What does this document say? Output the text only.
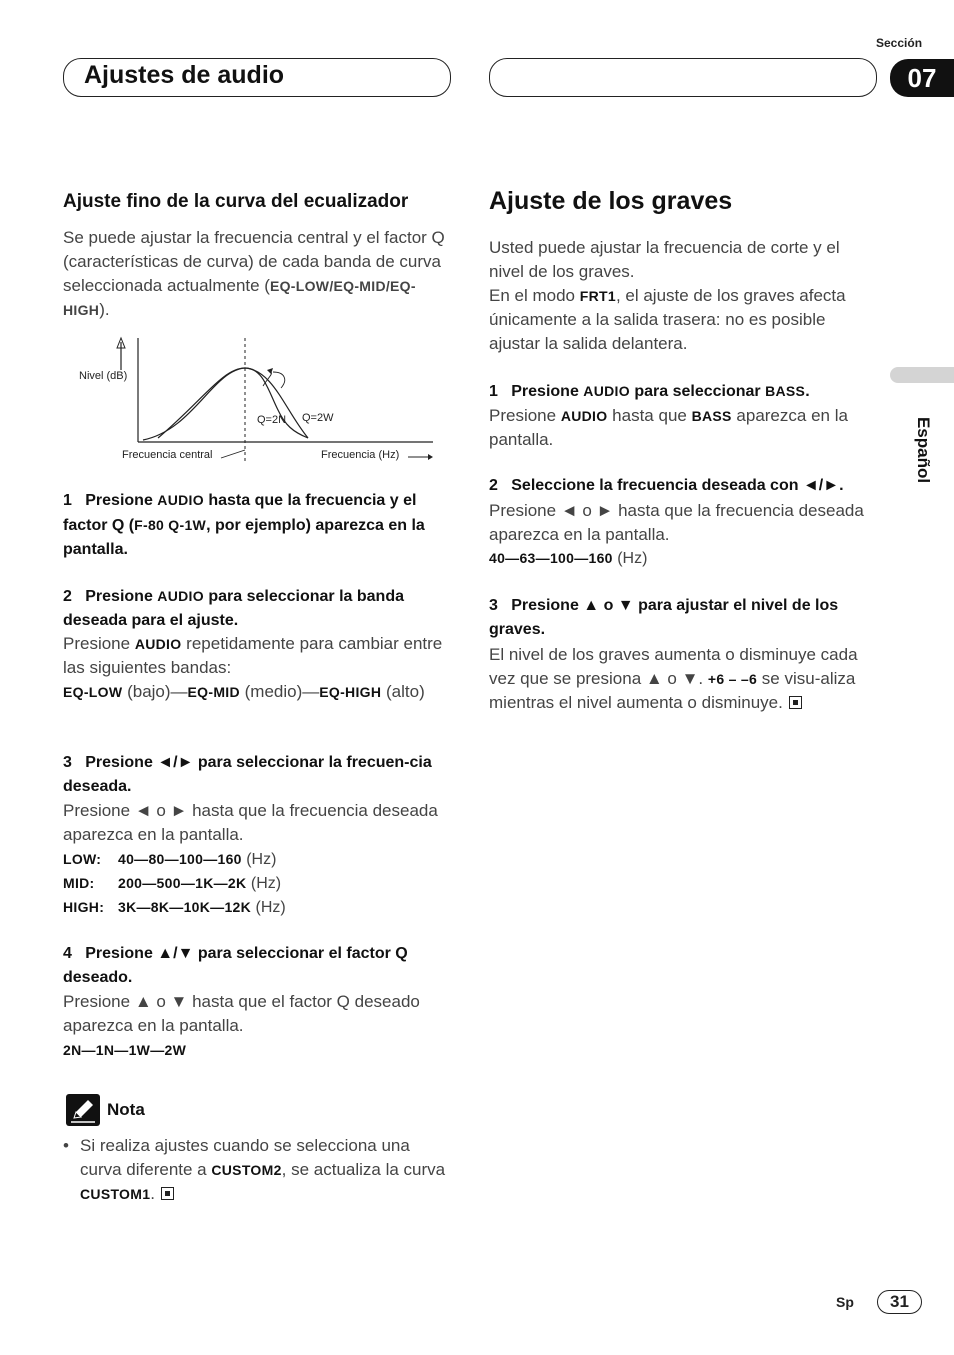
Sección
Ajustes de audio	07
Español
Ajuste fino de la curva del ecualizador
Se puede ajustar la frecuencia central y el factor Q (características de curva) de cada banda de curva seleccionada actualmente (EQ-LOW/EQ-MID/EQ-HIGH).
Nivel (dB)
Q=2N Q=2W
Frecuencia central	Frecuencia (Hz)
1 Presione AUDIO hasta que la frecuencia y el factor Q (F-80 Q-1W, por ejemplo) aparezca en la pantalla.
2 Presione AUDIO para seleccionar la banda deseada para el ajuste.
Presione AUDIO repetidamente para cambiar entre las siguientes bandas:
EQ-LOW (bajo)—EQ-MID (medio)—EQ-HIGH (alto)
3 Presione ◄/► para seleccionar la frecuen-cia deseada.
Presione ◄ o ► hasta que la frecuencia deseada aparezca en la pantalla.
LOW: 40—80—100—160 (Hz)
MID: 200—500—1K—2K (Hz)
HIGH: 3K—8K—10K—12K (Hz)
4 Presione ▲/▼ para seleccionar el factor Q deseado.
Presione ▲ o ▼ hasta que el factor Q deseado aparezca en la pantalla.
2N—1N—1W—2W
Nota
• Si realiza ajustes cuando se selecciona una curva diferente a CUSTOM2, se actualiza la curva CUSTOM1.
Ajuste de los graves
Usted puede ajustar la frecuencia de corte y el nivel de los graves.
En el modo FRT1, el ajuste de los graves afecta únicamente a la salida trasera: no es posible ajustar la salida delantera.
1 Presione AUDIO para seleccionar BASS.
Presione AUDIO hasta que BASS aparezca en la pantalla.
2 Seleccione la frecuencia deseada con ◄/►.
Presione ◄ o ► hasta que la frecuencia deseada aparezca en la pantalla.
40—63—100—160 (Hz)
3 Presione ▲ o ▼ para ajustar el nivel de los graves.
El nivel de los graves aumenta o disminuye cada vez que se presiona ▲ o ▼. +6 – –6 se visu-aliza mientras el nivel aumenta o disminuye.
Sp	31
